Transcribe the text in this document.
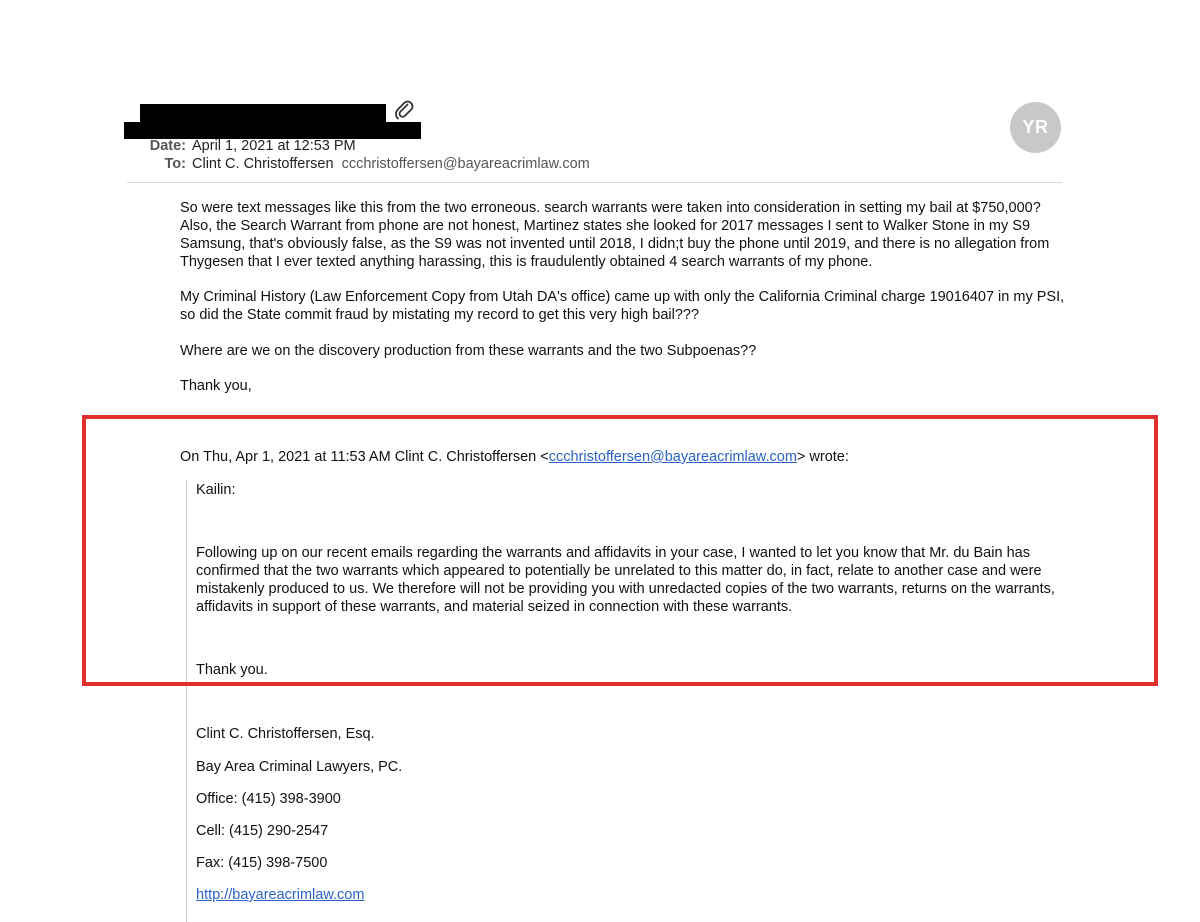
Date: April 1, 2021 at 12:53 PM
To: Clint C. Christoffersen ccchristoffersen@bayareacrimlaw.com
YR

So were text messages like this from the two erroneous. search warrants were taken into consideration in setting my bail at $750,000? Also, the Search Warrant from phone are not honest, Martinez states she looked for 2017 messages I sent to Walker Stone in my S9 Samsung, that's obviously false, as the S9 was not invented until 2018, I didn;t buy the phone until 2019, and there is no allegation from Thygesen that I ever texted anything harassing, this is fraudulently obtained 4 search warrants of my phone.

My Criminal History (Law Enforcement Copy from Utah DA's office) came up with only the California Criminal charge 19016407 in my PSI, so did the State commit fraud by mistating my record to get this very high bail???

Where are we on the discovery production from these warrants and the two Subpoenas??

Thank you,

On Thu, Apr 1, 2021 at 11:53 AM Clint C. Christoffersen <ccchristoffersen@bayareacrimlaw.com> wrote:

Kailin:

Following up on our recent emails regarding the warrants and affidavits in your case, I wanted to let you know that Mr. du Bain has confirmed that the two warrants which appeared to potentially be unrelated to this matter do, in fact, relate to another case and were mistakenly produced to us. We therefore will not be providing you with unredacted copies of the two warrants, returns on the warrants, affidavits in support of these warrants, and material seized in connection with these warrants.

Thank you.

Clint C. Christoffersen, Esq.

Bay Area Criminal Lawyers, PC.

Office: (415) 398-3900

Cell: (415) 290-2547

Fax: (415) 398-7500

http://bayareacrimlaw.com
